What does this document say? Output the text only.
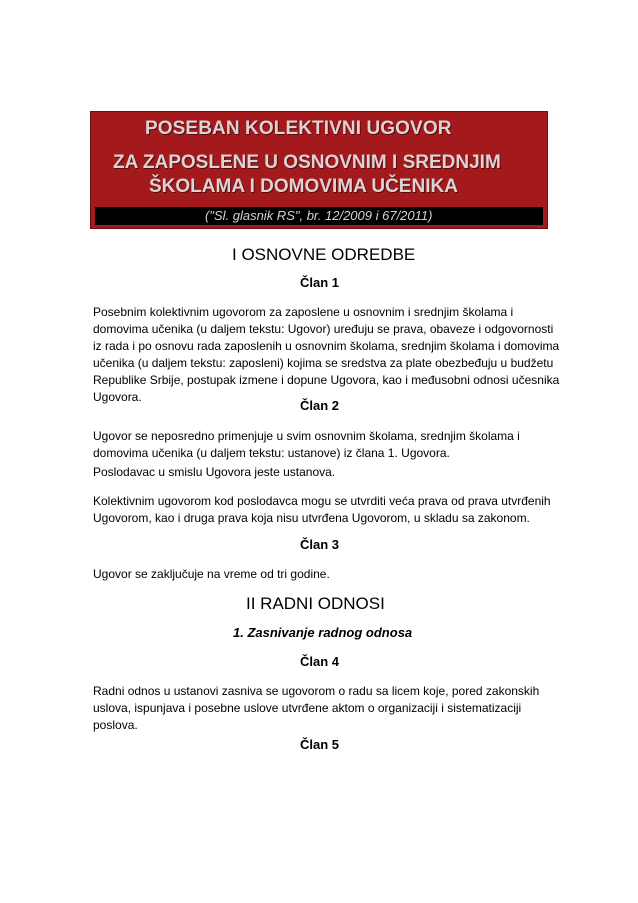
POSEBAN KOLEKTIVNI UGOVOR
ZA ZAPOSLENE U OSNOVNIM I SREDNJIM
ŠKOLAMA I DOMOVIMA UČENIKA
("Sl. glasnik RS", br. 12/2009 i 67/2011)
I OSNOVNE ODREDBE
Član 1
Posebnim kolektivnim ugovorom za zaposlene u osnovnim i srednjim školama i
domovima učenika (u daljem tekstu: Ugovor) uređuju se prava, obaveze i odgovornosti
iz rada i po osnovu rada zaposlenih u osnovnim školama, srednjim školama i domovima
učenika (u daljem tekstu: zaposleni) kojima se sredstva za plate obezbeđuju u budžetu
Republike Srbije, postupak izmene i dopune Ugovora, kao i međusobni odnosi učesnika
Ugovora.
Član 2
Ugovor se neposredno primenjuje u svim osnovnim školama, srednjim školama i
domovima učenika (u daljem tekstu: ustanove) iz člana 1. Ugovora.
Poslodavac u smislu Ugovora jeste ustanova.
Kolektivnim ugovorom kod poslodavca mogu se utvrditi veća prava od prava utvrđenih
Ugovorom, kao i druga prava koja nisu utvrđena Ugovorom, u skladu sa zakonom.
Član 3
Ugovor se zaključuje na vreme od tri godine.
II RADNI ODNOSI
1. Zasnivanje radnog odnosa
Član 4
Radni odnos u ustanovi zasniva se ugovorom o radu sa licem koje, pored zakonskih
uslova, ispunjava i posebne uslove utvrđene aktom o organizaciji i sistematizaciji
poslova.
Član 5
